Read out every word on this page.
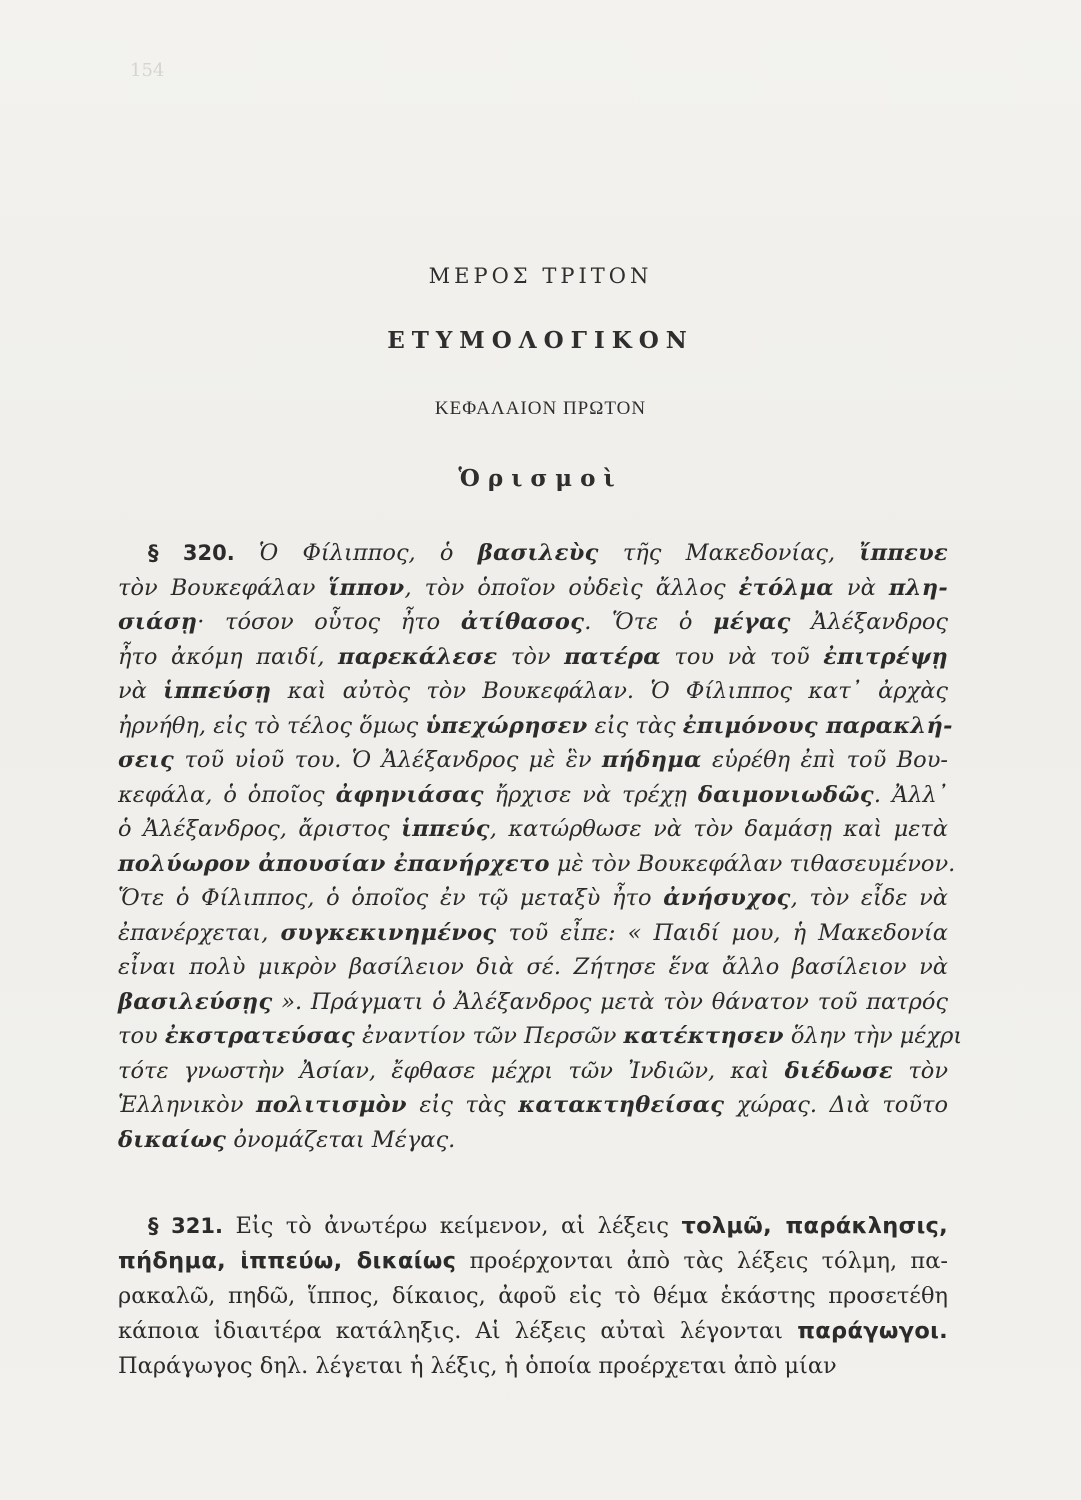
154
ΜΕΡΟΣ ΤΡΙΤΟΝ
ΕΤΥΜΟΛΟΓΙΚΟΝ
ΚΕΦΑΛΑΙΟΝ ΠΡΩΤΟΝ
Ὁρισμοὶ
§ 320. Ὁ Φίλιππος, ὁ βασιλεὺς τῆς Μακεδονίας, ἴππευε
τὸν Βουκεφάλαν ἵππον, τὸν ὁποῖον οὐδεὶς ἄλλος ἐτόλμα νὰ πλη-
σιάσῃ· τόσον οὗτος ἦτο ἀτίθασος. Ὅτε ὁ μέγας Ἀλέξανδρος
ἦτο ἀκόμη παιδί, παρεκάλεσε τὸν πατέρα του νὰ τοῦ ἐπιτρέψῃ
νὰ ἱππεύσῃ καὶ αὐτὸς τὸν Βουκεφάλαν. Ὁ Φίλιππος κατ᾽ ἀρχὰς
ἠρνήθη, εἰς τὸ τέλος ὅμως ὑπεχώρησεν εἰς τὰς ἐπιμόνους παρακλή-
σεις τοῦ υἱοῦ του. Ὁ Ἀλέξανδρος μὲ ἓν πήδημα εὑρέθη ἐπὶ τοῦ Βου-
κεφάλα, ὁ ὁποῖος ἀφηνιάσας ἤρχισε νὰ τρέχῃ δαιμονιωδῶς. Ἀλλ᾽
ὁ Ἀλέξανδρος, ἄριστος ἱππεύς, κατώρθωσε νὰ τὸν δαμάσῃ καὶ μετὰ
πολύωρον ἀπουσίαν ἐπανήρχετο μὲ τὸν Βουκεφάλαν τιθασευμένον.
Ὅτε ὁ Φίλιππος, ὁ ὁποῖος ἐν τῷ μεταξὺ ἦτο ἀνήσυχος, τὸν εἶδε νὰ
ἐπανέρχεται, συγκεκινημένος τοῦ εἶπε: « Παιδί μου, ἡ Μακεδονία
εἶναι πολὺ μικρὸν βασίλειον διὰ σέ. Ζήτησε ἕνα ἄλλο βασίλειον νὰ
βασιλεύσῃς ». Πράγματι ὁ Ἀλέξανδρος μετὰ τὸν θάνατον τοῦ πατρός
του ἐκστρατεύσας ἐναντίον τῶν Περσῶν κατέκτησεν ὅλην τὴν μέχρι
τότε γνωστὴν Ἀσίαν, ἔφθασε μέχρι τῶν Ἰνδιῶν, καὶ διέδωσε τὸν
Ἑλληνικὸν πολιτισμὸν εἰς τὰς κατακτηθείσας χώρας. Διὰ τοῦτο
δικαίως ὀνομάζεται Μέγας.
§ 321. Εἰς τὸ ἀνωτέρω κείμενον, αἱ λέξεις τολμῶ, παράκλησις,
πήδημα, ἱππεύω, δικαίως προέρχονται ἀπὸ τὰς λέξεις τόλμη, πα-
ρακαλῶ, πηδῶ, ἵππος, δίκαιος, ἀφοῦ εἰς τὸ θέμα ἑκάστης προσετέθη
κάποια ἰδιαιτέρα κατάληξις. Αἱ λέξεις αὐταὶ λέγονται παράγωγοι.
Παράγωγος δηλ. λέγεται ἡ λέξις, ἡ ὁποία προέρχεται ἀπὸ μίαν
